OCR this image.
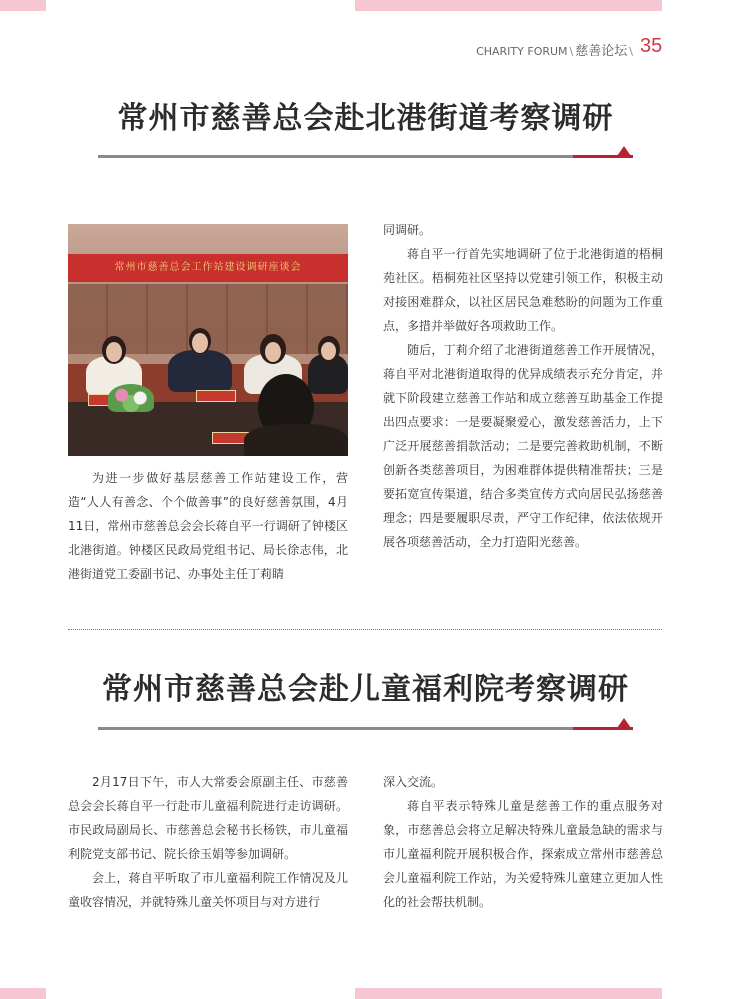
CHARITY FORUM \ 慈善论坛 \ 35
常州市慈善总会赴北港街道考察调研
常州市慈善总会工作站建设调研座谈会

为进一步做好基层慈善工作站建设工作，营造“人人有善念、个个做善事”的良好慈善氛围，4月11日，常州市慈善总会会长蒋自平一行调研了钟楼区北港街道。钟楼区民政局党组书记、局长徐志伟，北港街道党工委副书记、办事处主任丁莉睛

同调研。

蒋自平一行首先实地调研了位于北港街道的梧桐苑社区。梧桐苑社区坚持以党建引领工作，积极主动对接困难群众，以社区居民急难愁盼的问题为工作重点，多措并举做好各项救助工作。

随后，丁莉介绍了北港街道慈善工作开展情况，蒋自平对北港街道取得的优异成绩表示充分肯定，并就下阶段建立慈善工作站和成立慈善互助基金工作提出四点要求：一是要凝聚爱心，激发慈善活力，上下广泛开展慈善捐款活动；二是要完善救助机制，不断创新各类慈善项目，为困难群体提供精准帮扶；三是要拓宽宣传渠道，结合多类宣传方式向居民弘扬慈善理念；四是要履职尽责，严守工作纪律，依法依规开展各项慈善活动，全力打造阳光慈善。

常州市慈善总会赴儿童福利院考察调研

2月17日下午，市人大常委会原副主任、市慈善总会会长蒋自平一行赴市儿童福利院进行走访调研。市民政局副局长、市慈善总会秘书长杨铁，市儿童福利院党支部书记、院长徐玉娟等参加调研。

会上，蒋自平听取了市儿童福利院工作情况及儿童收容情况，并就特殊儿童关怀项目与对方进行

深入交流。

蒋自平表示特殊儿童是慈善工作的重点服务对象，市慈善总会将立足解决特殊儿童最急缺的需求与市儿童福利院开展积极合作，探索成立常州市慈善总会儿童福利院工作站，为关爱特殊儿童建立更加人性化的社会帮扶机制。
